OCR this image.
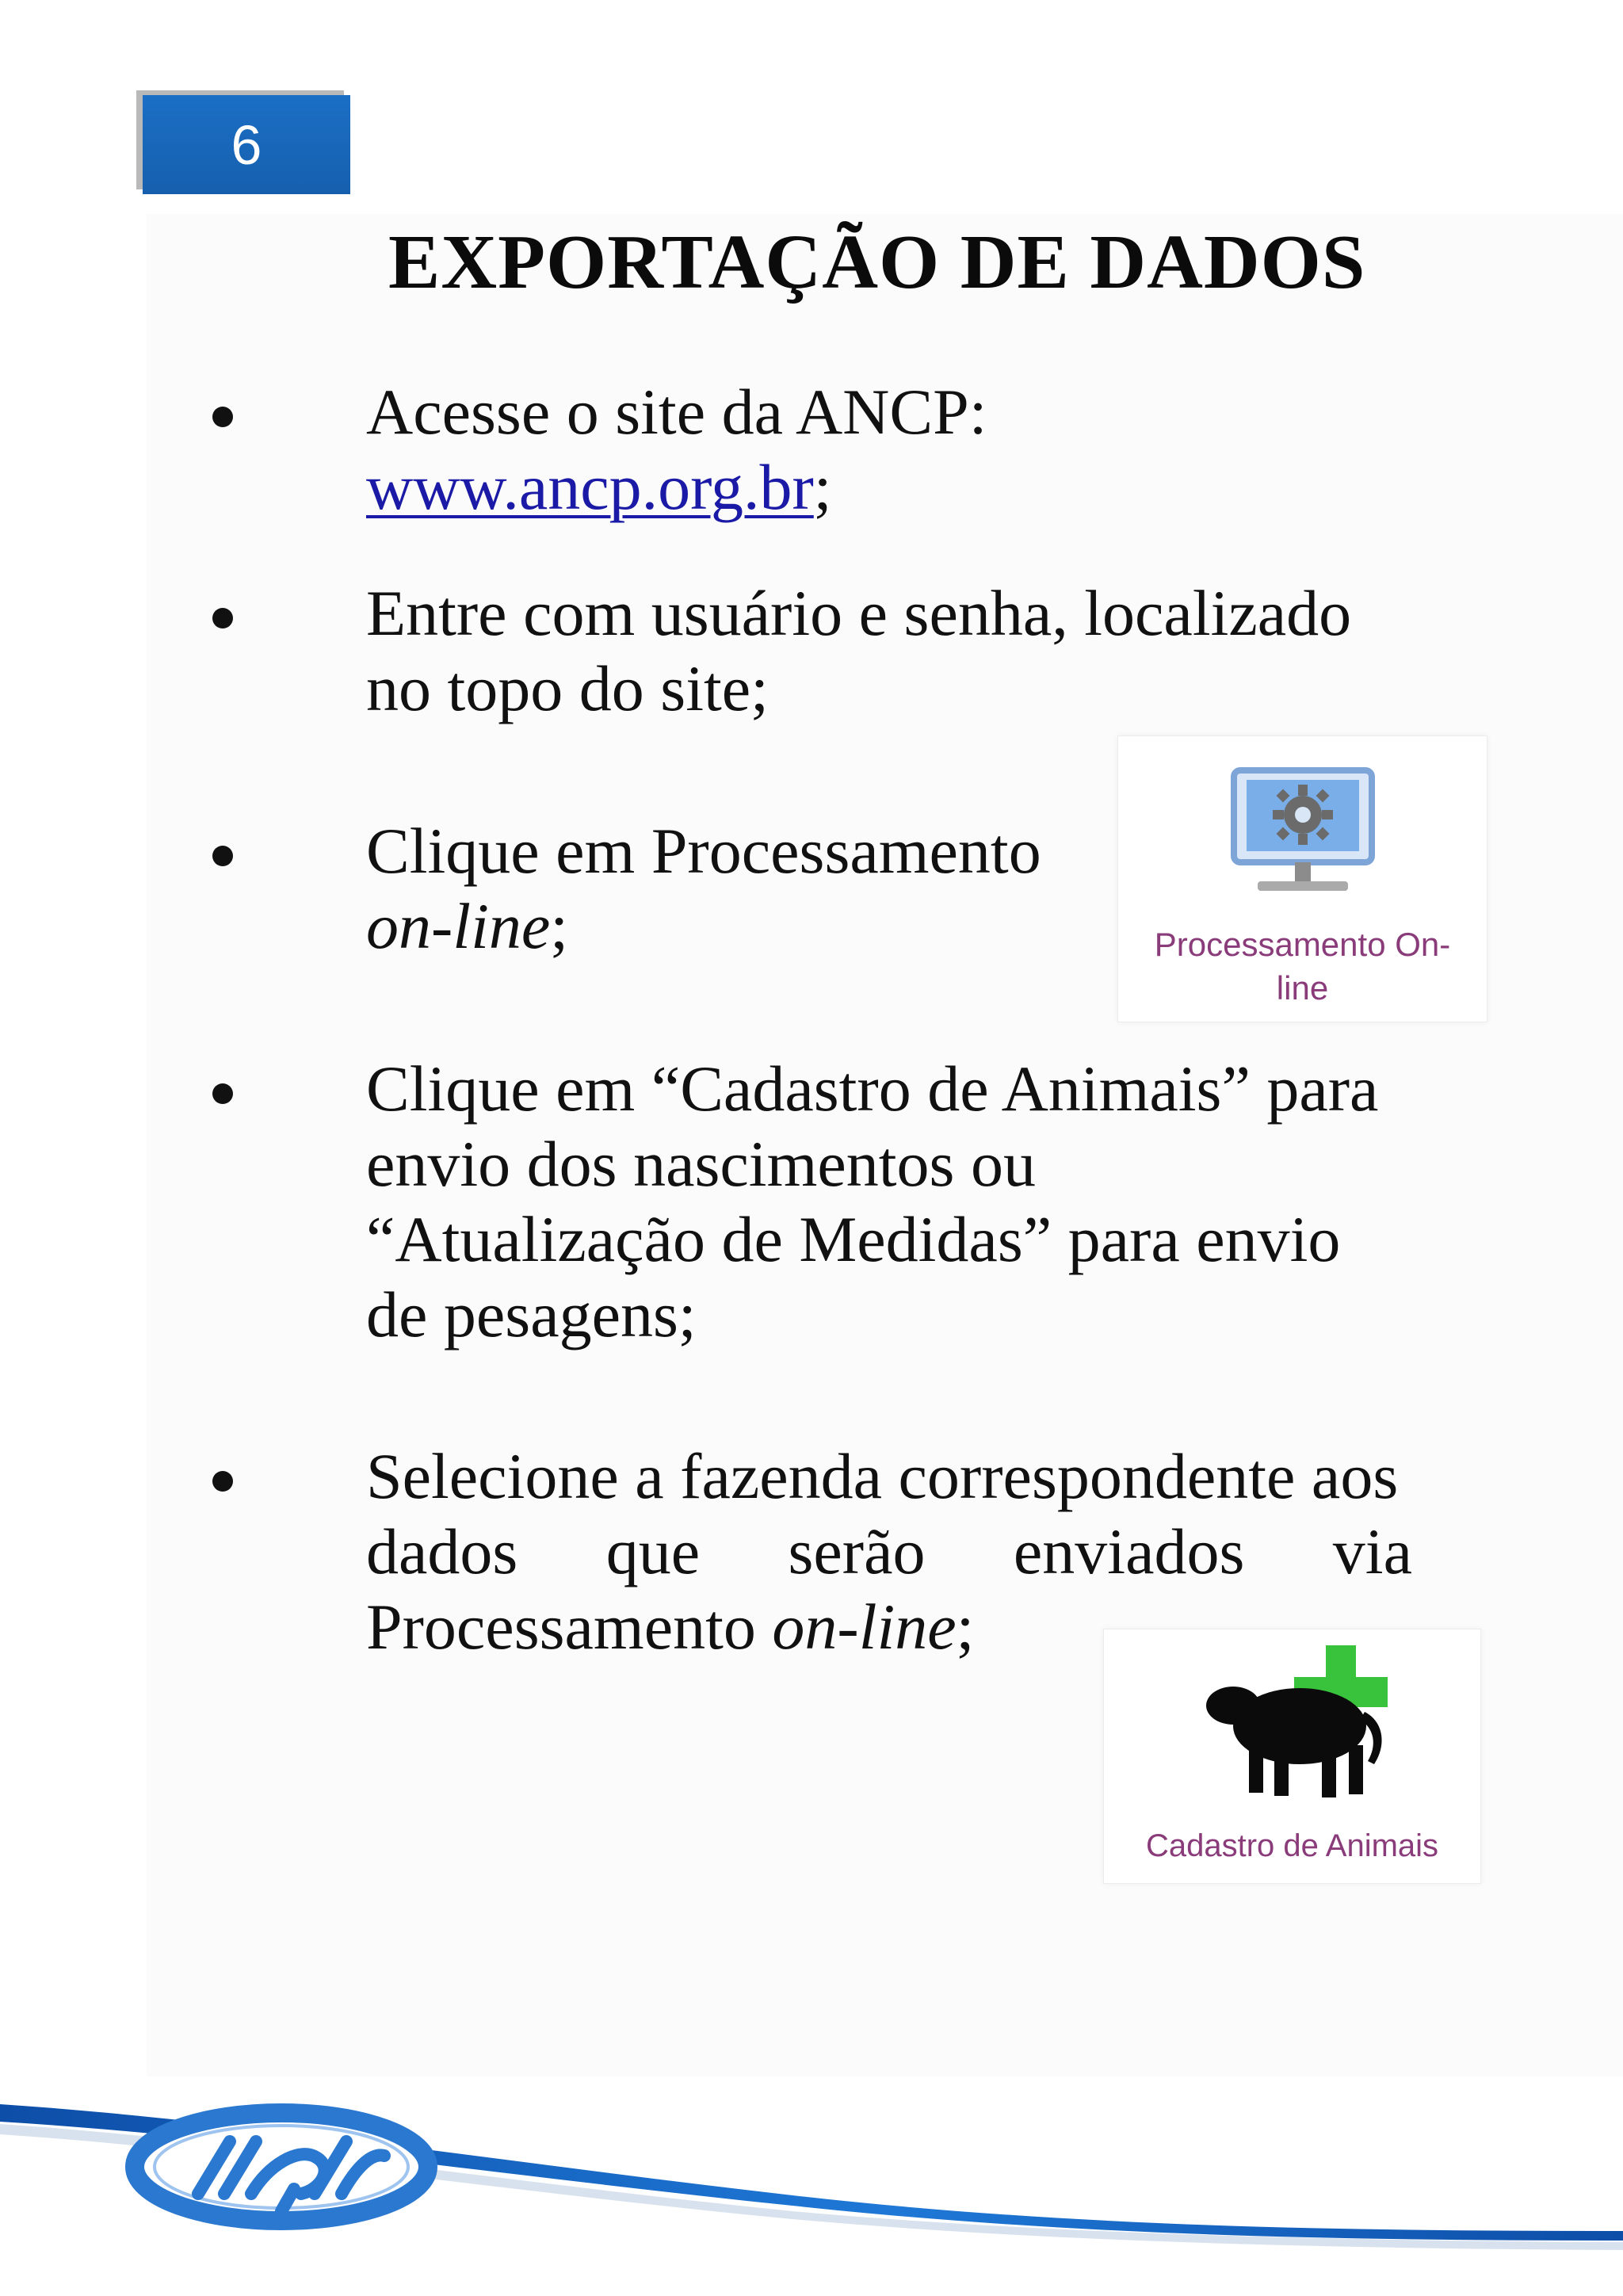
6
EXPORTAÇÃO DE DADOS
Acesse o site da ANCP:
www.ancp.org.br;
Entre com usuário e senha, localizado
no topo do site;
Clique em Processamento
on-line;	Processamento On-
line
Clique em “Cadastro de Animais” para
envio dos nascimentos ou
“Atualização de Medidas” para envio
de pesagens;
Selecione a fazenda correspondente aos
dados que serão enviados via
Processamento on-line;
Cadastro de Animais
